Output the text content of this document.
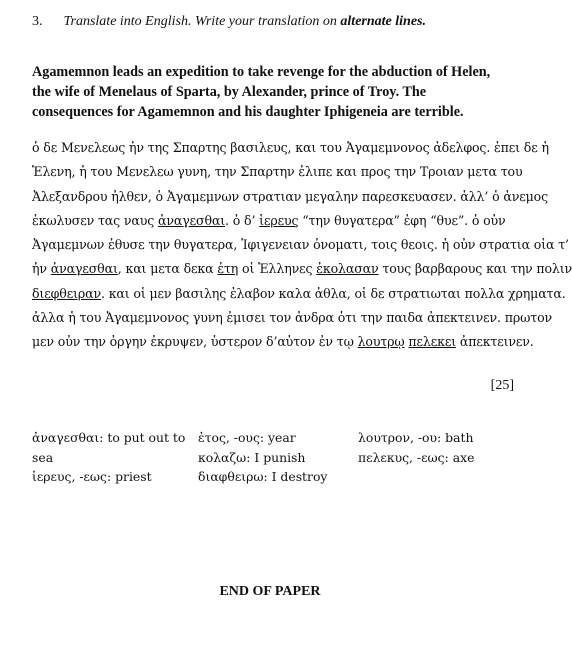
3. Translate into English. Write your translation on alternate lines.
Agamemnon leads an expedition to take revenge for the abduction of Helen, the wife of Menelaus of Sparta, by Alexander, prince of Troy. The consequences for Agamemnon and his daughter Iphigeneia are terrible.
ὁ δε Μενελεως ἠν της Σπαρτης βασιλευς, και του Ἀγαμεμνονος ἀδελφος. ἐπει δε ἡ
Ἑλενη, ἡ του Μενελεω γυνη, την Σπαρτην ἐλιπε και προς την Τροιαν μετα του
Ἀλεξανδρου ἠλθεν, ὁ Ἀγαμεμνων στρατιαν μεγαλην παρεσκευασεν. ἀλλ’ ὁ ἀνεμος
ἐκωλυσεν τας ναυς ἀναγεσθαι. ὁ δ’ ἱερευς “την θυγατερα” ἐφη “θυε”. ὁ οὐν
Ἀγαμεμνων ἐθυσε την θυγατερα, Ἰφιγενειαν ὀνοματι, τοις θεοις. ἡ οὐν στρατια οἱα τ’
ἠν ἀναγεσθαι, και μετα δεκα ἐτη οἱ Ἑλληνες ἐκολασαν τους βαρβαρους και την πολιν
διεφθειραν. και οἱ μεν βασιλης ἐλαβον καλα ἀθλα, οἱ δε στρατιωται πολλα χρηματα.
ἀλλα ἡ του Ἀγαμεμνονος γυνη ἐμισει τον ἀνδρα ὁτι την παιδα ἀπεκτεινεν. πρωτον
μεν οὐν την ὀργην ἐκρυψεν, ὑστερον δ’αὐτον ἐν τῳ λουτρῳ πελεκει ἀπεκτεινεν.
[25]
ἀναγεσθαι: to put out to
sea
ἱερευς, -εως: priest
ἐτος, -ους: year
κολαζω: I punish
διαφθειρω: I destroy
λουτρον, -ου: bath
πελεκυς, -εως: axe
END OF PAPER
